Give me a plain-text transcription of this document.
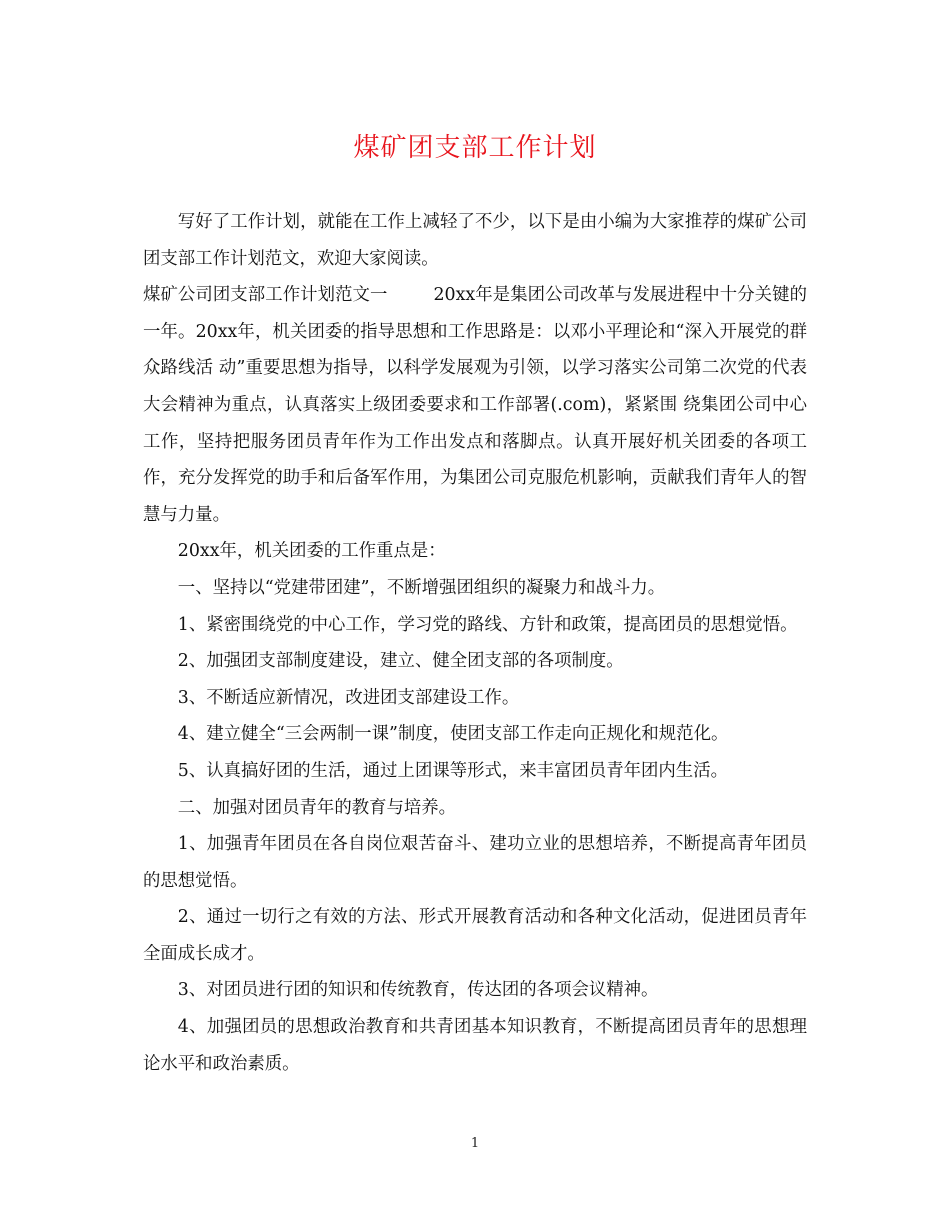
煤矿团支部工作计划

写好了工作计划，就能在工作上减轻了不少，以下是由小编为大家推荐的煤矿公司团支部工作计划范文，欢迎大家阅读。

煤矿公司团支部工作计划范文一	20xx年是集团公司改革与发展进程中十分关键的一年。20xx年，机关团委的指导思想和工作思路是：以邓小平理论和“深入开展党的群众路线活 动”重要思想为指导，以科学发展观为引领，以学习落实公司第二次党的代表大会精神为重点，认真落实上级团委要求和工作部署(.com)，紧紧围 绕集团公司中心工作，坚持把服务团员青年作为工作出发点和落脚点。认真开展好机关团委的各项工作，充分发挥党的助手和后备军作用，为集团公司克服危机影响，贡献我们青年人的智慧与力量。

20xx年，机关团委的工作重点是：

一、坚持以“党建带团建”，不断增强团组织的凝聚力和战斗力。

1、紧密围绕党的中心工作，学习党的路线、方针和政策，提高团员的思想觉悟。

2、加强团支部制度建设，建立、健全团支部的各项制度。

3、不断适应新情况，改进团支部建设工作。

4、建立健全“三会两制一课”制度，使团支部工作走向正规化和规范化。

5、认真搞好团的生活，通过上团课等形式，来丰富团员青年团内生活。

二、加强对团员青年的教育与培养。

1、加强青年团员在各自岗位艰苦奋斗、建功立业的思想培养，不断提高青年团员的思想觉悟。

2、通过一切行之有效的方法、形式开展教育活动和各种文化活动，促进团员青年全面成长成才。

3、对团员进行团的知识和传统教育，传达团的各项会议精神。

4、加强团员的思想政治教育和共青团基本知识教育，不断提高团员青年的思想理论水平和政治素质。

1
